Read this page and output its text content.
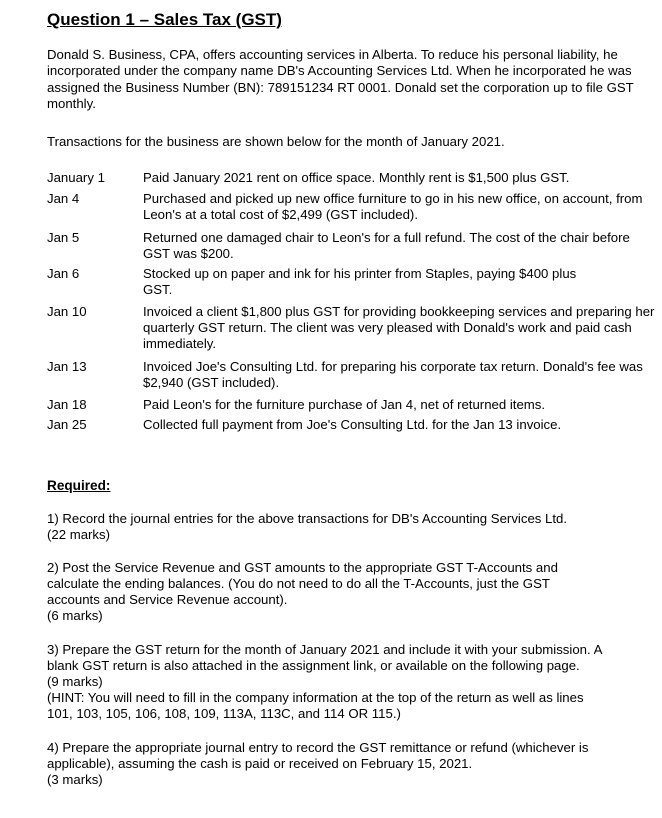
Question 1 – Sales Tax (GST)
Donald S. Business, CPA, offers accounting services in Alberta. To reduce his personal liability, he incorporated under the company name DB's Accounting Services Ltd. When he incorporated he was assigned the Business Number (BN): 789151234 RT 0001. Donald set the corporation up to file GST monthly.
Transactions for the business are shown below for the month of January 2021.
January 1	Paid January 2021 rent on office space. Monthly rent is $1,500 plus GST.
Jan 4	Purchased and picked up new office furniture to go in his new office, on account, from Leon's at a total cost of $2,499 (GST included).
Jan 5	Returned one damaged chair to Leon's for a full refund. The cost of the chair before GST was $200.
Jan 6	Stocked up on paper and ink for his printer from Staples, paying $400 plus GST.
Jan 10	Invoiced a client $1,800 plus GST for providing bookkeeping services and preparing her quarterly GST return. The client was very pleased with Donald's work and paid cash immediately.
Jan 13	Invoiced Joe's Consulting Ltd. for preparing his corporate tax return. Donald's fee was $2,940 (GST included).
Jan 18	Paid Leon's for the furniture purchase of Jan 4, net of returned items.
Jan 25	Collected full payment from Joe's Consulting Ltd. for the Jan 13 invoice.
Required:
1) Record the journal entries for the above transactions for DB's Accounting Services Ltd.
(22 marks)
2) Post the Service Revenue and GST amounts to the appropriate GST T-Accounts and
calculate the ending balances. (You do not need to do all the T-Accounts, just the GST
accounts and Service Revenue account).
(6 marks)
3) Prepare the GST return for the month of January 2021 and include it with your submission. A
blank GST return is also attached in the assignment link, or available on the following page.
(9 marks)
(HINT: You will need to fill in the company information at the top of the return as well as lines
101, 103, 105, 106, 108, 109, 113A, 113C, and 114 OR 115.)
4) Prepare the appropriate journal entry to record the GST remittance or refund (whichever is
applicable), assuming the cash is paid or received on February 15, 2021.
(3 marks)
